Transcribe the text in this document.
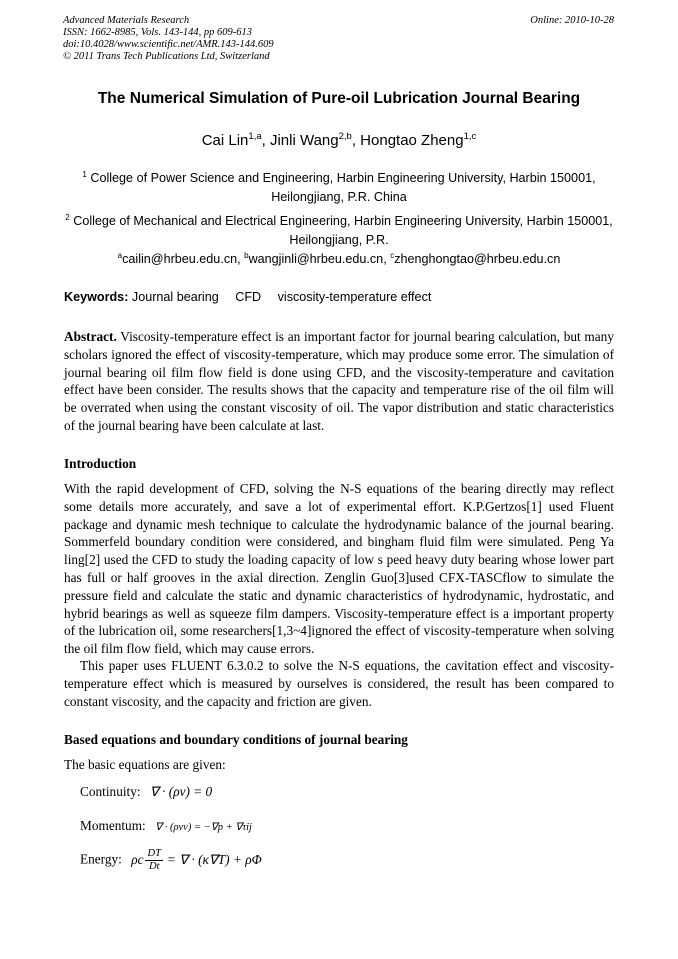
Advanced Materials Research
ISSN: 1662-8985, Vols. 143-144, pp 609-613
doi:10.4028/www.scientific.net/AMR.143-144.609
© 2011 Trans Tech Publications Ltd, Switzerland
Online: 2010-10-28
The Numerical Simulation of Pure-oil Lubrication Journal Bearing
Cai Lin$^{1,a}$, Jinli Wang$^{2,b}$, Hongtao Zheng$^{1,c}$
$^1$ College of Power Science and Engineering, Harbin Engineering University, Harbin 150001,
Heilongjiang, P.R. China
$^2$ College of Mechanical and Electrical Engineering, Harbin Engineering University, Harbin 150001,
Heilongjiang, P.R.
$^a$cailin@hrbeu.edu.cn, $^b$wangjinli@hrbeu.edu.cn, $^c$zhenghongtao@hrbeu.edu.cn
Keywords: Journal bearing CFD viscosity-temperature effect
Abstract. Viscosity-temperature effect is an important factor for journal bearing calculation, but many scholars ignored the effect of viscosity-temperature, which may produce some error. The simulation of journal bearing oil film flow field is done using CFD, and the viscosity-temperature and cavitation effect have been consider. The results shows that the capacity and temperature rise of the oil film will be overrated when using the constant viscosity of oil. The vapor distribution and static characteristics of the journal bearing have been calculate at last.
Introduction
With the rapid development of CFD, solving the N-S equations of the bearing directly may reflect some details more accurately, and save a lot of experimental effort. K.P.Gertzos[1] used Fluent package and dynamic mesh technique to calculate the hydrodynamic balance of the journal bearing. Sommerfeld boundary condition were considered, and bingham fluid film were simulated. Peng Ya ling[2] used the CFD to study the loading capacity of low s peed heavy duty bearing whose lower part has full or half grooves in the axial direction. Zenglin Guo[3]used CFX-TASCflow to simulate the pressure field and calculate the static and dynamic characteristics of hydrodynamic, hydrostatic, and hybrid bearings as well as squeeze film dampers. Viscosity-temperature effect is a important property of the lubrication oil, some researchers[1,3~4]ignored the effect of viscosity-temperature when solving the oil film flow field, which may cause errors.
This paper uses FLUENT 6.3.0.2 to solve the N-S equations, the cavitation effect and viscosity-temperature effect which is measured by ourselves is considered, the result has been compared to constant viscosity, and the capacity and friction are given.
Based equations and boundary conditions of journal bearing
The basic equations are given:
Continuity: ∇ · (ρv) = 0
Momentum: ∇ · (ρvv) = −∇p + ∇τij
Energy: ρc $\frac{DT}{Dt}$ = ∇ · (κ∇T) + ρΦ
